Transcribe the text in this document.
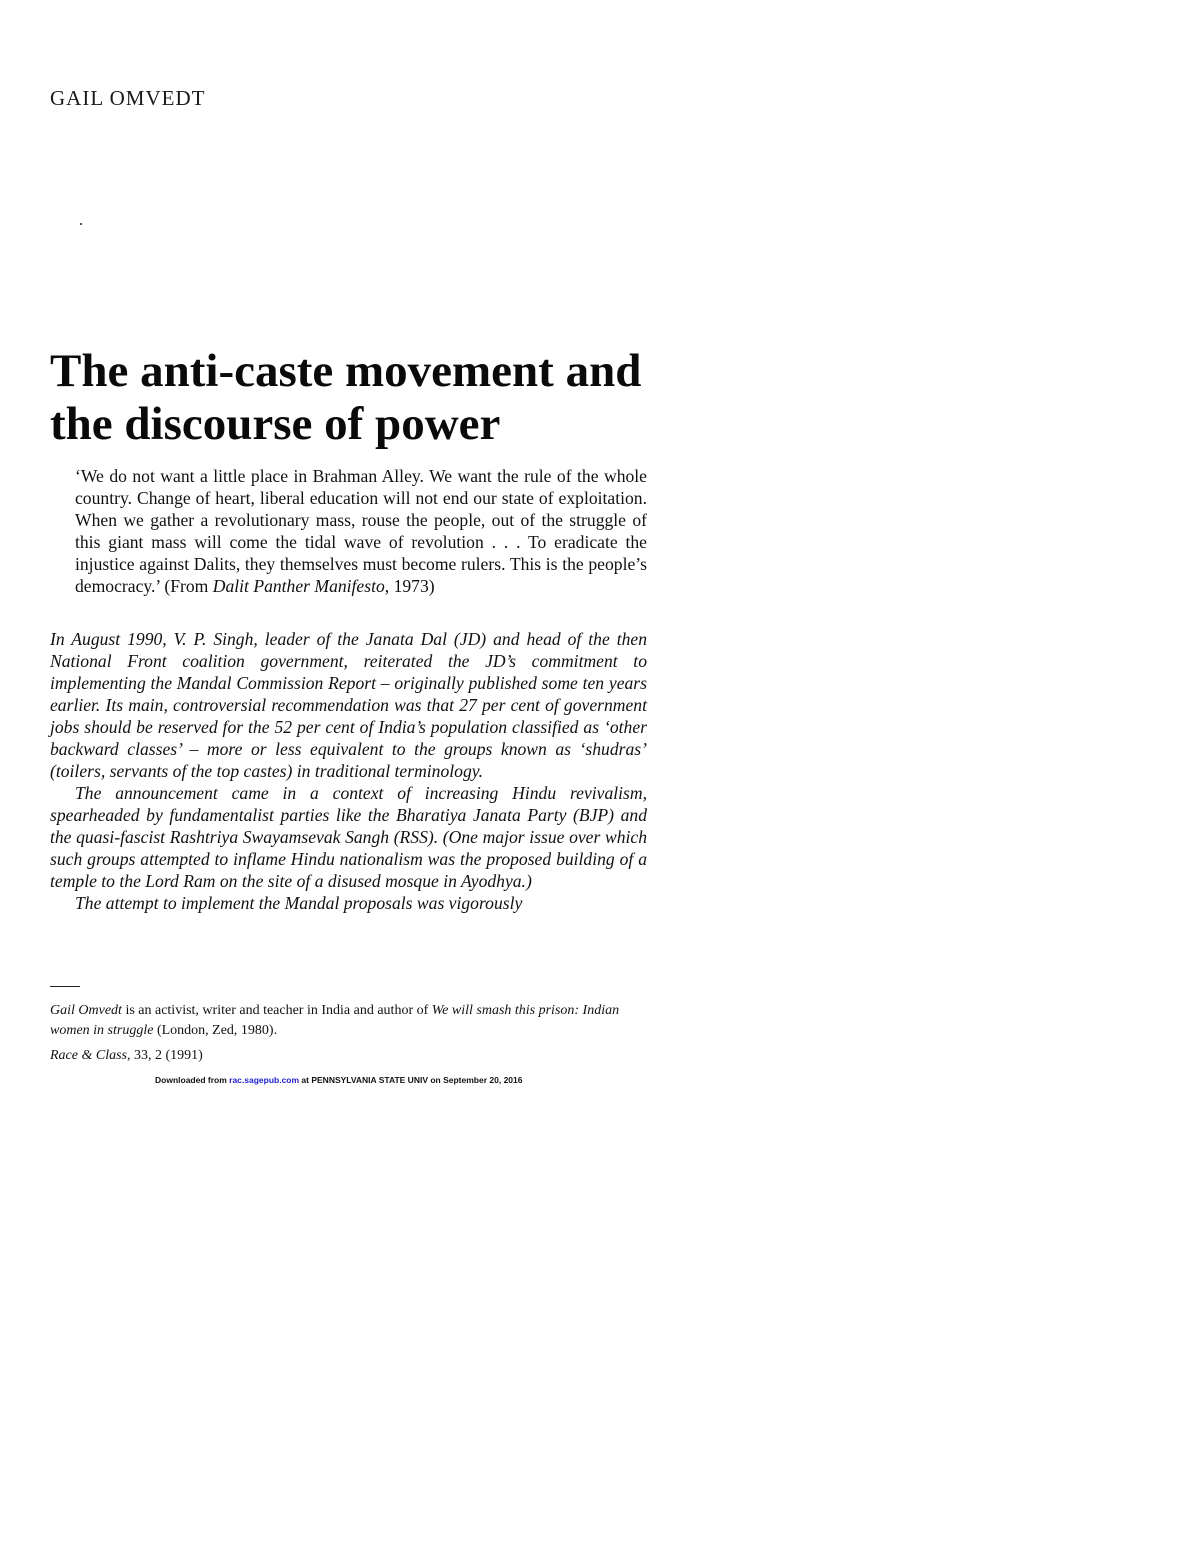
GAIL OMVEDT
The anti-caste movement and
the discourse of power

‘We do not want a little place in Brahman Alley. We want the rule of the whole country. Change of heart, liberal education will not end our state of exploitation. When we gather a revolutionary mass, rouse the people, out of the struggle of this giant mass will come the tidal wave of revolution . . . To eradicate the injustice against Dalits, they themselves must become rulers. This is the people’s democracy.’ (From Dalit Panther Manifesto, 1973)

In August 1990, V. P. Singh, leader of the Janata Dal (JD) and head of the then National Front coalition government, reiterated the JD’s commitment to implementing the Mandal Commission Report – originally published some ten years earlier. Its main, controversial recommendation was that 27 per cent of government jobs should be reserved for the 52 per cent of India’s population classified as ‘other backward classes’ – more or less equivalent to the groups known as ‘shudras’ (toilers, servants of the top castes) in traditional terminology.

The announcement came in a context of increasing Hindu revivalism, spearheaded by fundamentalist parties like the Bharatiya Janata Party (BJP) and the quasi-fascist Rashtriya Swayamsevak Sangh (RSS). (One major issue over which such groups attempted to inflame Hindu nationalism was the proposed building of a temple to the Lord Ram on the site of a disused mosque in Ayodhya.)

The attempt to implement the Mandal proposals was vigorously

Gail Omvedt is an activist, writer and teacher in India and author of We will smash this prison: Indian women in struggle (London, Zed, 1980).

Race & Class, 33, 2 (1991)
Downloaded from rac.sagepub.com at PENNSYLVANIA STATE UNIV on September 20, 2016
